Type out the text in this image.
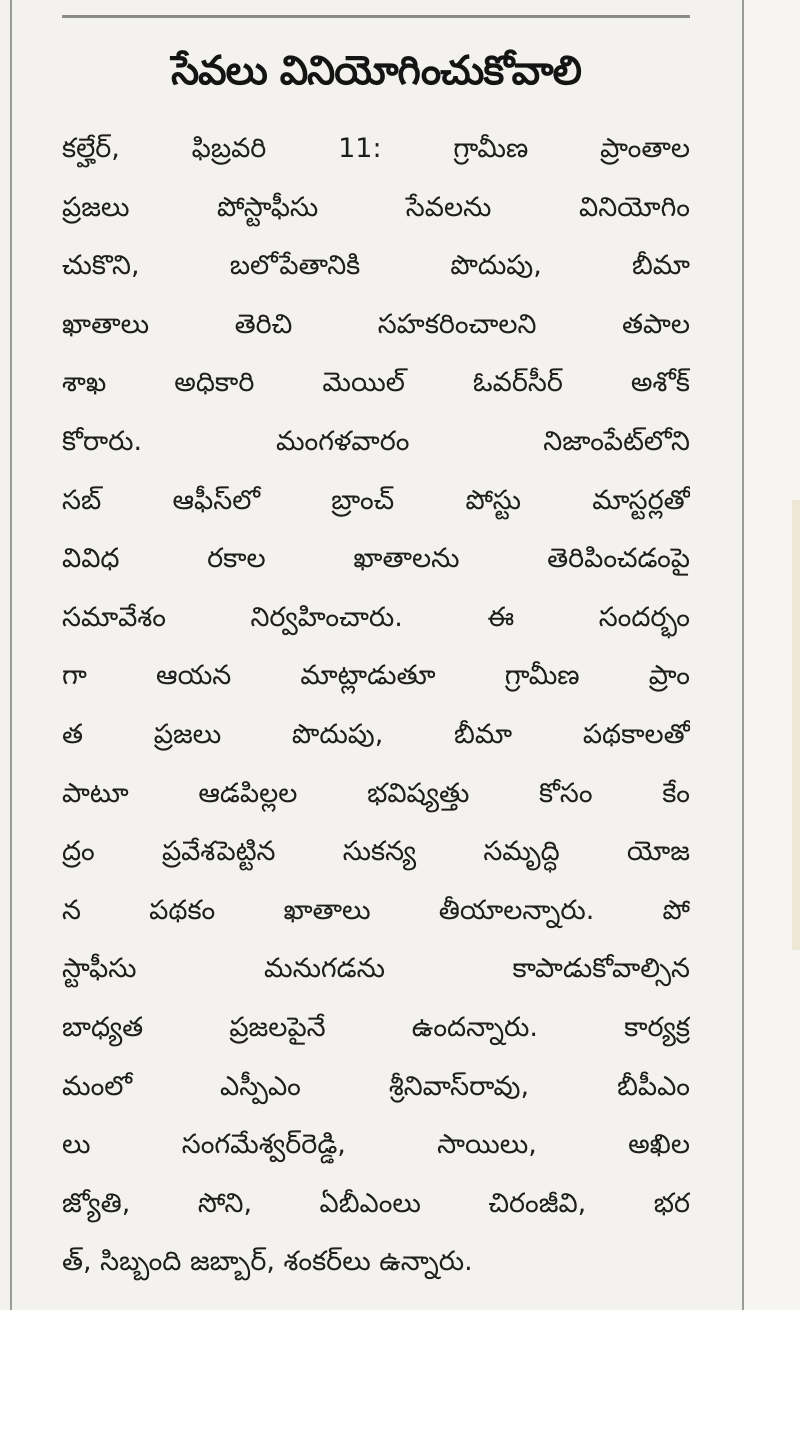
సేవలు వినియోగించుకోవాలి
కల్హేర్, ఫిబ్రవరి 11: గ్రామీణ ప్రాంతాల
ప్రజలు పోస్టాఫీసు సేవలను వినియోగిం
చుకొని, బలోపేతానికి పొదుపు, బీమా
ఖాతాలు తెరిచి సహకరించాలని తపాల
శాఖ అధికారి మెయిల్ ఓవర్‌సీర్ అశోక్
కోరారు. మంగళవారం నిజాంపేట్‌లోని
సబ్ ఆఫీస్‌లో బ్రాంచ్ పోస్టు మాస్టర్లతో
వివిధ రకాల ఖాతాలను తెరిపించడంపై
సమావేశం నిర్వహించారు. ఈ సందర్భం
గా ఆయన మాట్లాడుతూ గ్రామీణ ప్రాం
త ప్రజలు పొదుపు, బీమా పథకాలతో
పాటూ ఆడపిల్లల భవిష్యత్తు కోసం కేం
ద్రం ప్రవేశపెట్టిన సుకన్య సమృద్ధి యోజ
న పథకం ఖాతాలు తీయాలన్నారు. పో
స్టాఫీసు మనుగడను కాపాడుకోవాల్సిన
బాధ్యత ప్రజలపైనే ఉందన్నారు. కార్యక్ర
మంలో ఎస్పీఎం శ్రీనివాస్‌రావు, బీపీఎం
లు సంగమేశ్వర్‌రెడ్డి, సాయిలు, అఖిల
జ్యోతి, సోని, ఏబీఎంలు చిరంజీవి, భర
త్, సిబ్బంది జబ్బార్, శంకర్‌లు ఉన్నారు.
